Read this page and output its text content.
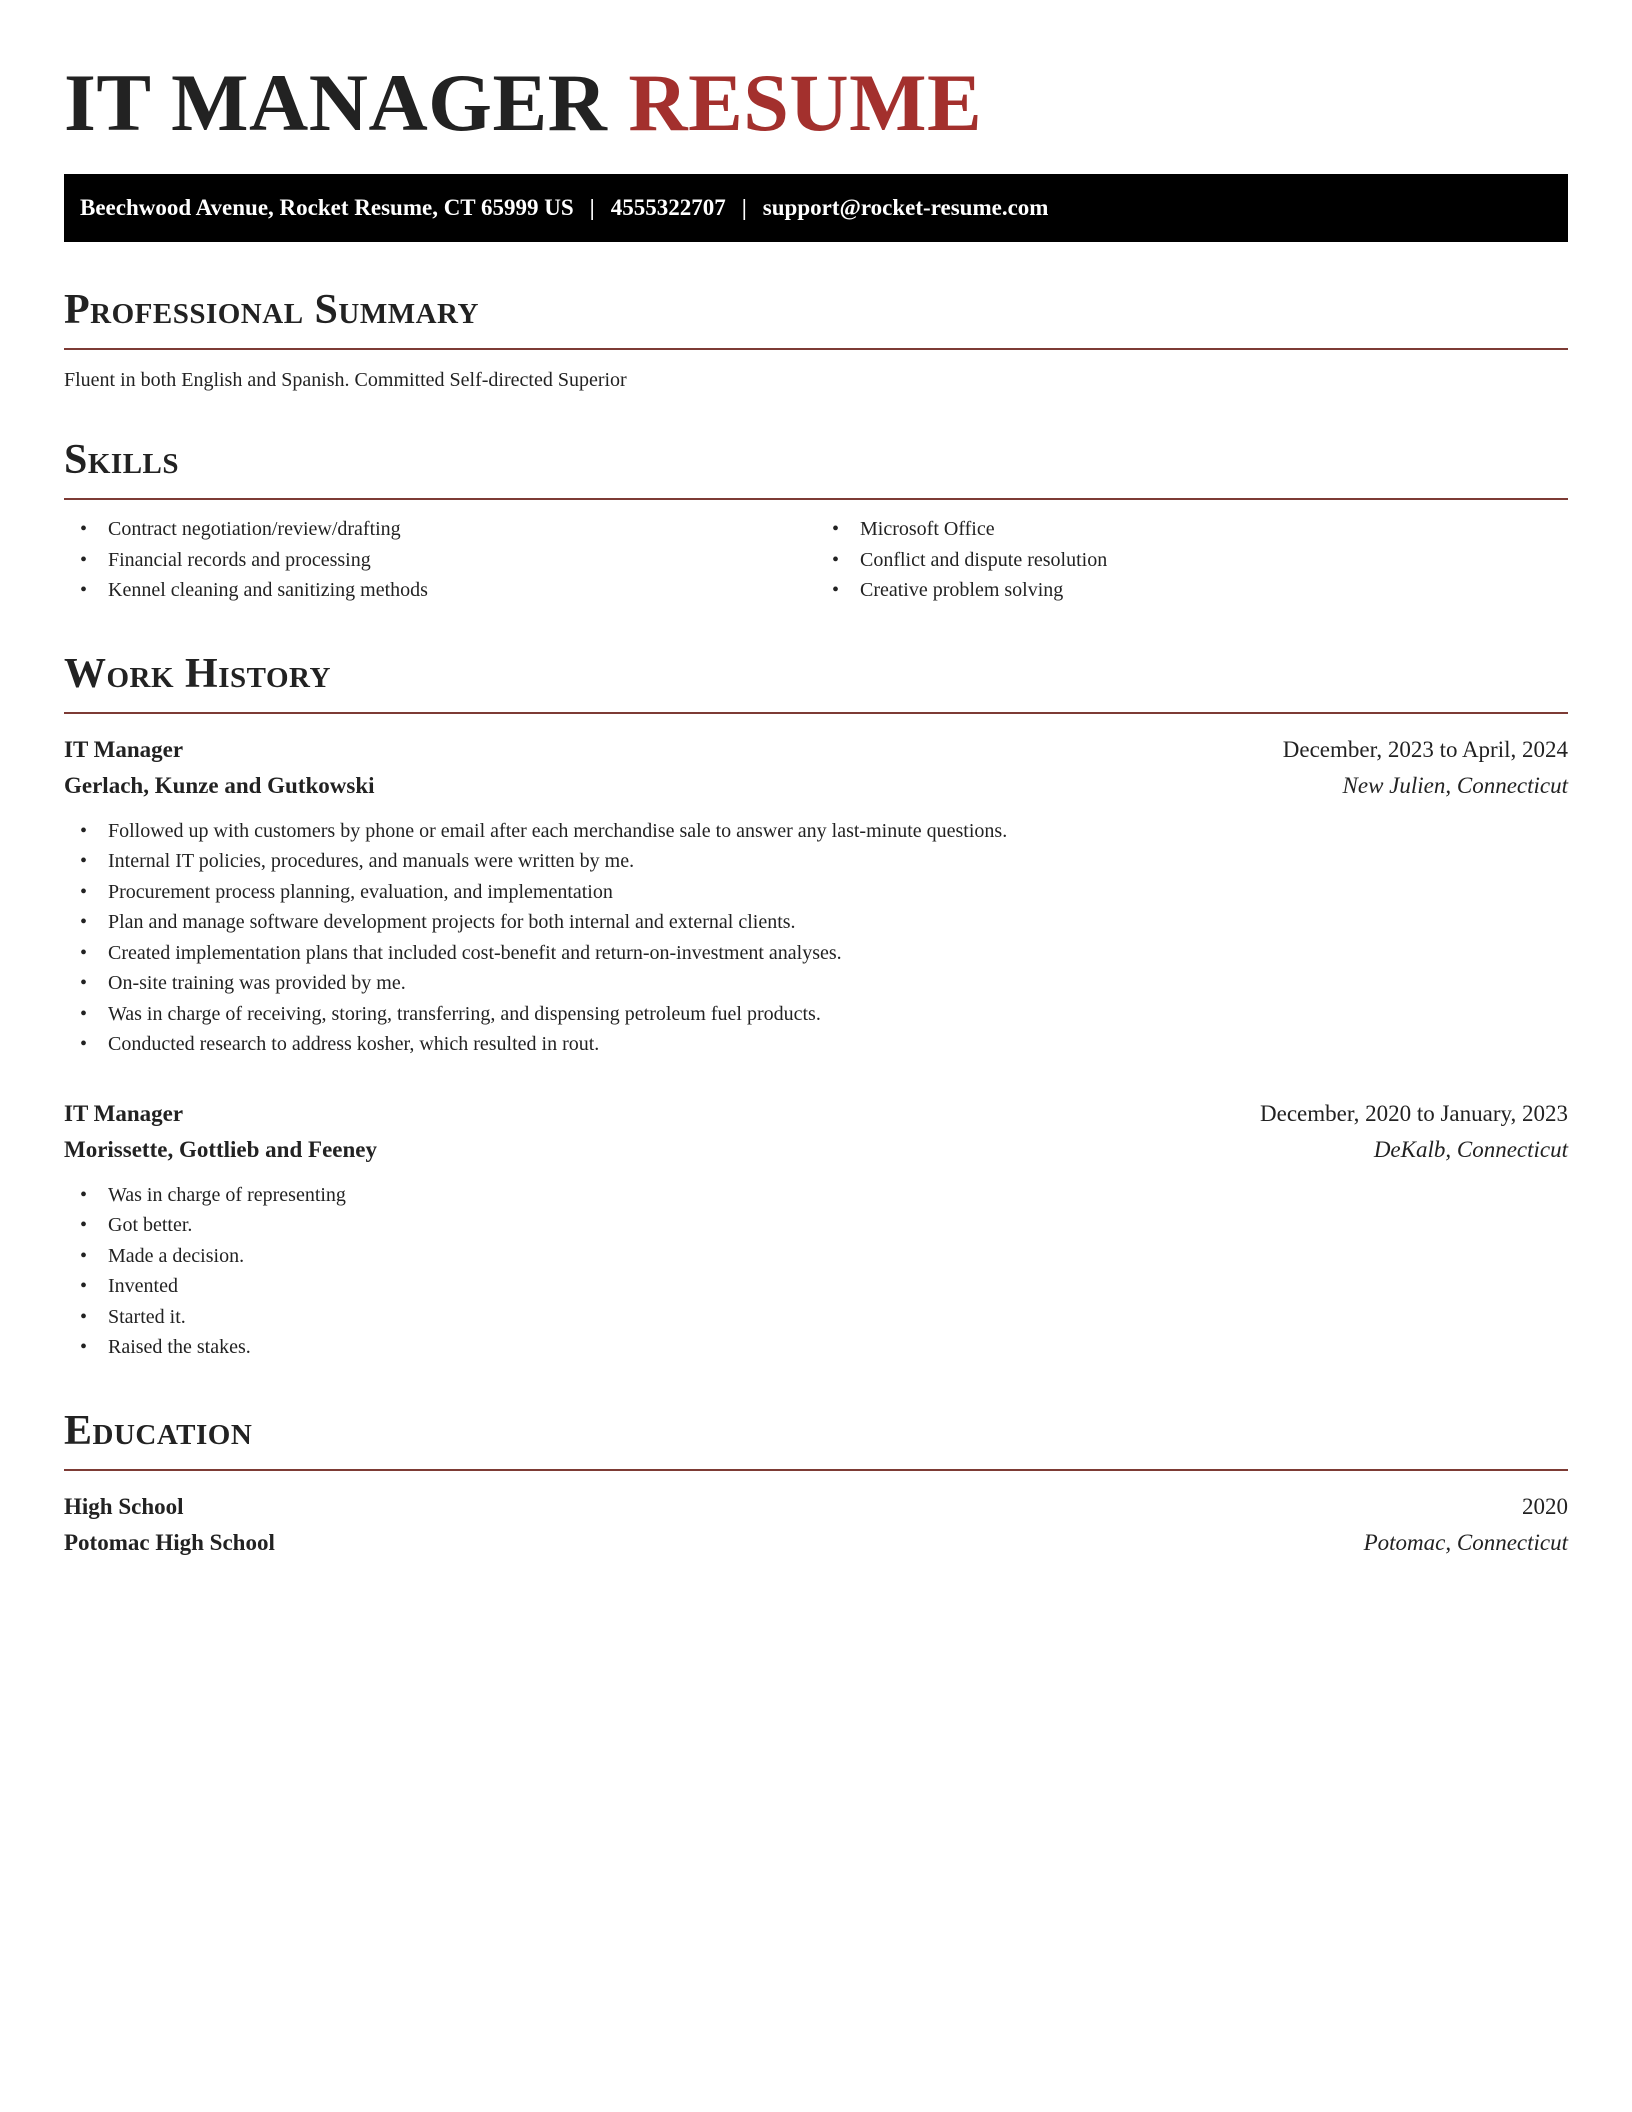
IT MANAGER RESUME
Beechwood Avenue, Rocket Resume, CT 65999 US | 4555322707 | support@rocket-resume.com
Professional Summary
Fluent in both English and Spanish. Committed Self-directed Superior
Skills
• Contract negotiation/review/drafting
• Financial records and processing
• Kennel cleaning and sanitizing methods
• Microsoft Office
• Conflict and dispute resolution
• Creative problem solving
Work History
IT Manager	December, 2023 to April, 2024
Gerlach, Kunze and Gutkowski	New Julien, Connecticut
• Followed up with customers by phone or email after each merchandise sale to answer any last-minute questions.
• Internal IT policies, procedures, and manuals were written by me.
• Procurement process planning, evaluation, and implementation
• Plan and manage software development projects for both internal and external clients.
• Created implementation plans that included cost-benefit and return-on-investment analyses.
• On-site training was provided by me.
• Was in charge of receiving, storing, transferring, and dispensing petroleum fuel products.
• Conducted research to address kosher, which resulted in rout.
IT Manager	December, 2020 to January, 2023
Morissette, Gottlieb and Feeney	DeKalb, Connecticut
• Was in charge of representing
• Got better.
• Made a decision.
• Invented
• Started it.
• Raised the stakes.
Education
High School	2020
Potomac High School	Potomac, Connecticut
